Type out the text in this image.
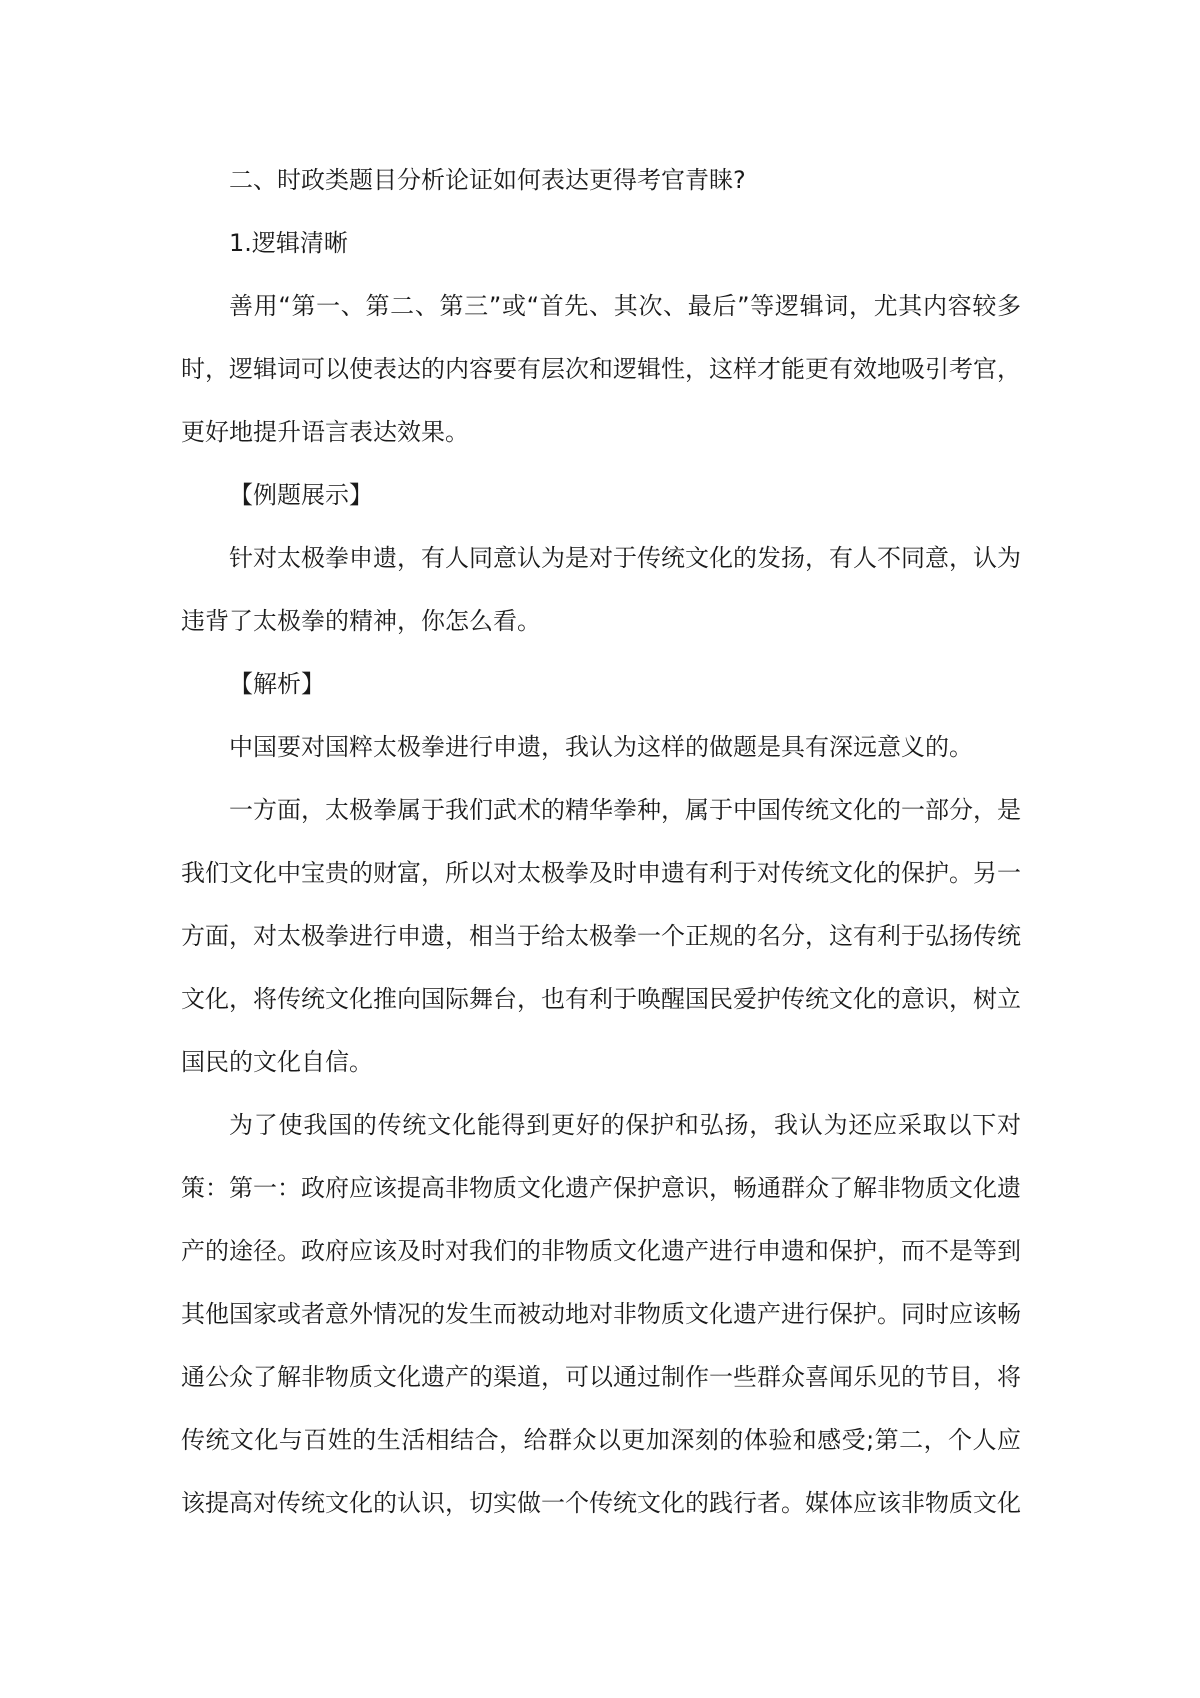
二、时政类题目分析论证如何表达更得考官青睐?

1.逻辑清晰

善用“第一、第二、第三”或“首先、其次、最后”等逻辑词，尤其内容较多时，逻辑词可以使表达的内容要有层次和逻辑性，这样才能更有效地吸引考官，更好地提升语言表达效果。

【例题展示】

针对太极拳申遗，有人同意认为是对于传统文化的发扬，有人不同意，认为违背了太极拳的精神，你怎么看。

【解析】

中国要对国粹太极拳进行申遗，我认为这样的做题是具有深远意义的。

一方面，太极拳属于我们武术的精华拳种，属于中国传统文化的一部分，是我们文化中宝贵的财富，所以对太极拳及时申遗有利于对传统文化的保护。另一方面，对太极拳进行申遗，相当于给太极拳一个正规的名分，这有利于弘扬传统文化，将传统文化推向国际舞台，也有利于唤醒国民爱护传统文化的意识，树立国民的文化自信。

为了使我国的传统文化能得到更好的保护和弘扬，我认为还应采取以下对策：第一：政府应该提高非物质文化遗产保护意识，畅通群众了解非物质文化遗产的途径。政府应该及时对我们的非物质文化遗产进行申遗和保护，而不是等到其他国家或者意外情况的发生而被动地对非物质文化遗产进行保护。同时应该畅通公众了解非物质文化遗产的渠道，可以通过制作一些群众喜闻乐见的节目，将传统文化与百姓的生活相结合，给群众以更加深刻的体验和感受;第二，个人应该提高对传统文化的认识，切实做一个传统文化的践行者。媒体应该非物质文化
